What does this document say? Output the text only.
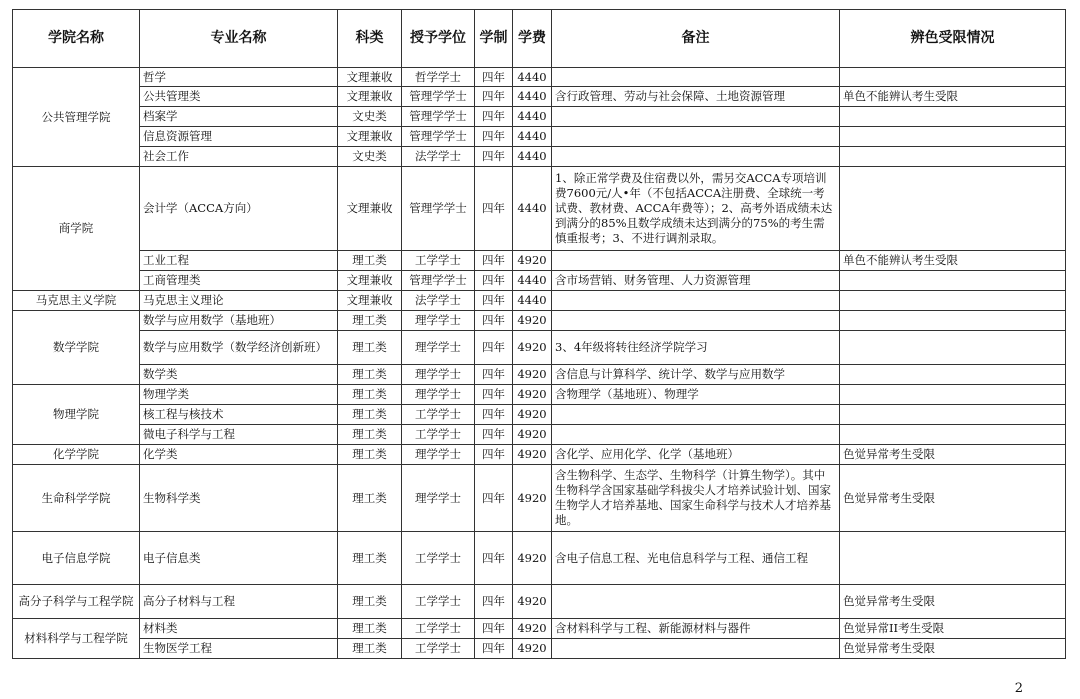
学院名称	专业名称	科类	授予学位	学制	学费	备注	辨色受限情况
公共管理学院	哲学	文理兼收	哲学学士	四年	4440		
	公共管理类	文理兼收	管理学学士	四年	4440	含行政管理、劳动与社会保障、土地资源管理	单色不能辨认考生受限
	档案学	文史类	管理学学士	四年	4440		
	信息资源管理	文理兼收	管理学学士	四年	4440		
	社会工作	文史类	法学学士	四年	4440		
商学院	会计学（ACCA方向）	文理兼收	管理学学士	四年	4440	1、除正常学费及住宿费以外，需另交ACCA专项培训费7600元/人•年（不包括ACCA注册费、全球统一考试费、教材费、ACCA年费等）；2、高考外语成绩未达到满分的85%且数学成绩未达到满分的75%的考生需慎重报考；3、不进行调剂录取。	
	工业工程	理工类	工学学士	四年	4920		单色不能辨认考生受限
	工商管理类	文理兼收	管理学学士	四年	4440	含市场营销、财务管理、人力资源管理	
马克思主义学院	马克思主义理论	文理兼收	法学学士	四年	4440		
数学学院	数学与应用数学（基地班）	理工类	理学学士	四年	4920		
	数学与应用数学（数学经济创新班）	理工类	理学学士	四年	4920	3、4年级将转往经济学院学习	
	数学类	理工类	理学学士	四年	4920	含信息与计算科学、统计学、数学与应用数学	
物理学院	物理学类	理工类	理学学士	四年	4920	含物理学（基地班）、物理学	
	核工程与核技术	理工类	工学学士	四年	4920		
	微电子科学与工程	理工类	工学学士	四年	4920		
化学学院	化学类	理工类	理学学士	四年	4920	含化学、应用化学、化学（基地班）	色觉异常考生受限
生命科学学院	生物科学类	理工类	理学学士	四年	4920	含生物科学、生态学、生物科学（计算生物学）。其中生物科学含国家基础学科拔尖人才培养试验计划、国家生物学人才培养基地、国家生命科学与技术人才培养基地。	色觉异常考生受限
电子信息学院	电子信息类	理工类	工学学士	四年	4920	含电子信息工程、光电信息科学与工程、通信工程	
高分子科学与工程学院	高分子材料与工程	理工类	工学学士	四年	4920		色觉异常考生受限
材料科学与工程学院	材料类	理工类	工学学士	四年	4920	含材料科学与工程、新能源材料与器件	色觉异常II考生受限
	生物医学工程	理工类	工学学士	四年	4920		色觉异常考生受限
2
